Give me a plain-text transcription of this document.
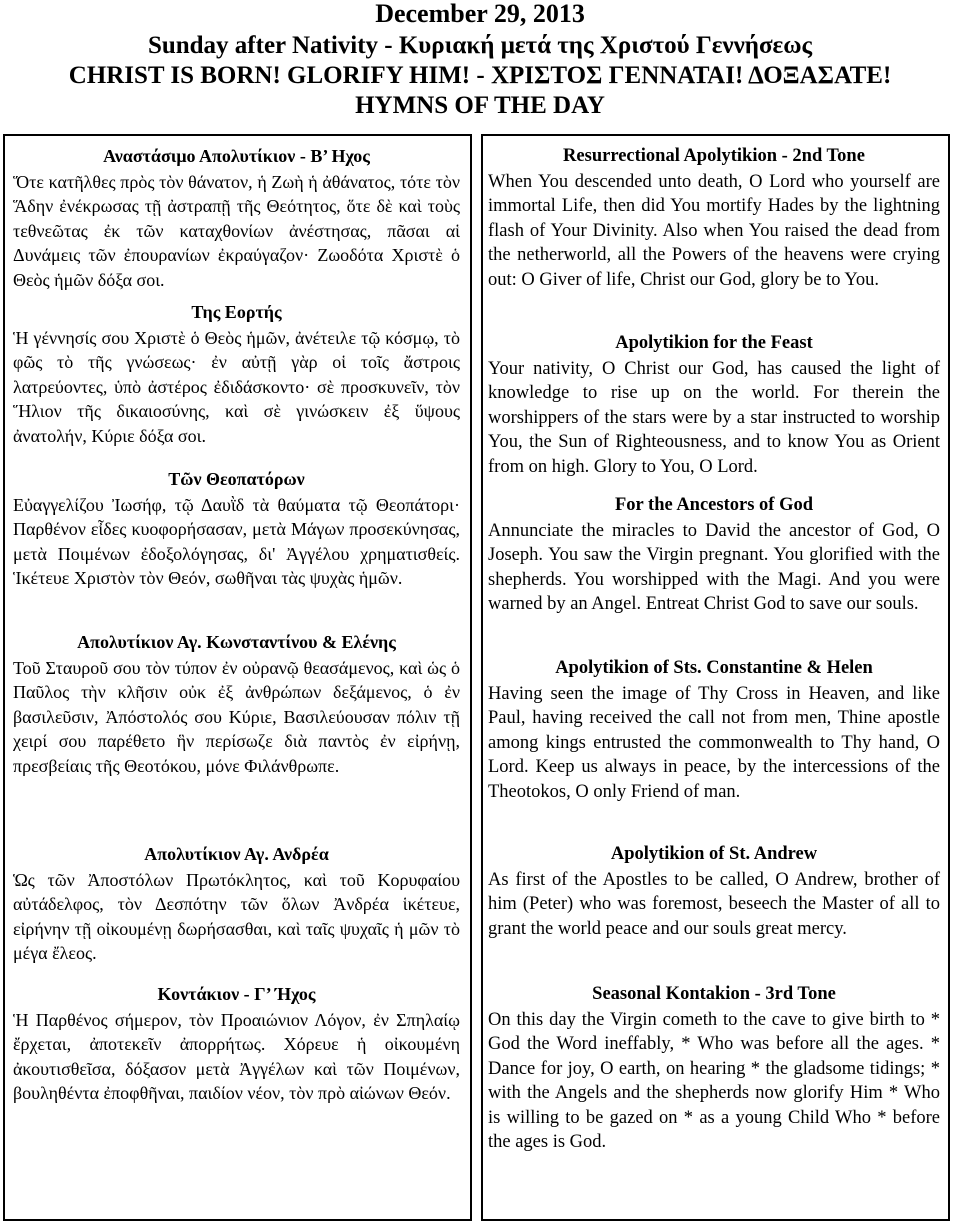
December 29, 2013
Sunday after Nativity - Κυριακή μετά της Χριστού Γεννήσεως
CHRIST IS BORN! GLORIFY HIM! - ΧΡΙΣΤΟΣ ΓΕΝΝΑΤΑΙ! ΔΟΞΑΣΑΤΕ!
HYMNS OF THE DAY

Αναστάσιμο Απολυτίκιον - Β’ Ηχος

Ὅτε κατῆλθες πρὸς τὸν θάνατον, ἡ Ζωὴ ἡ ἀθάνατος, τότε τὸν Ἅδην ἐνέκρωσας τῇ ἀστραπῇ τῆς Θεότητος, ὅτε δὲ καὶ τοὺς τεθνεῶτας ἐκ τῶν καταχθονίων ἀνέστησας, πᾶσαι αἱ Δυνάμεις τῶν ἐπουρανίων ἐκραύγαζον· Ζωοδότα Χριστὲ ὁ Θεὸς ἡμῶν δόξα σοι.

Της Εορτής

Ἡ γέννησίς σου Χριστὲ ὁ Θεὸς ἡμῶν, ἀνέτειλε τῷ κόσμῳ, τὸ φῶς τὸ τῆς γνώσεως· ἐν αὐτῇ γὰρ οἱ τοῖς ἄστροις λατρεύοντες, ὑπὸ ἀστέρος ἐδιδάσκοντο· σὲ προσκυνεῖν, τὸν Ἥλιον τῆς δικαιοσύνης, καὶ σὲ γινώσκειν ἐξ ὕψους ἀνατολήν, Κύριε δόξα σοι.

Τῶν Θεοπατόρων

Εὐαγγελίζου Ἰωσήφ, τῷ Δαυῒδ τὰ θαύματα τῷ Θεοπάτορι· Παρθένον εἶδες κυοφορήσασαν, μετὰ Μάγων προσεκύνησας, μετὰ Ποιμένων ἐδοξολόγησας, δι' Ἀγγέλου χρηματισθείς. Ἱκέτευε Χριστὸν τὸν Θεόν, σωθῆναι τὰς ψυχὰς ἡμῶν.

Απολυτίκιον Αγ. Κωνσταντίνου & Ελένης

Τοῦ Σταυροῦ σου τὸν τύπον ἐν οὐρανῷ θεασάμενος, καὶ ὡς ὁ Παῦλος τὴν κλῆσιν οὐκ ἐξ ἀνθρώπων δεξάμενος, ὁ ἐν βασιλεῦσιν, Ἀπόστολός σου Κύριε, Βασιλεύουσαν πόλιν τῇ χειρί σου παρέθετο ἣν περίσωζε διὰ παντὸς ἐν εἰρήνῃ, πρεσβείαις τῆς Θεοτόκου, μόνε Φιλάνθρωπε.

Απολυτίκιον Αγ. Ανδρέα

Ὡς τῶν Ἀποστόλων Πρωτόκλητος, καὶ τοῦ Κορυφαίου αὐτάδελφος, τὸν Δεσπότην τῶν ὅλων Ἀνδρέα ἱκέτευε, εἰρήνην τῇ οἰκουμένῃ δωρήσασθαι, καὶ ταῖς ψυχαῖς ἡ μῶν τὸ μέγα ἔλεος.

Κοντάκιον - Γ’ Ήχος

Ἡ Παρθένος σήμερον, τὸν Προαιώνιον Λόγον, ἐν Σπηλαίῳ ἔρχεται, ἀποτεκεῖν ἀπορρήτως. Χόρευε ἡ οἰκουμένη ἀκουτισθεῖσα, δόξασον μετὰ Ἀγγέλων καὶ τῶν Ποιμένων, βουληθέντα ἐποφθῆναι, παιδίον νέον, τὸν πρὸ αἰώνων Θεόν.

Resurrectional Apolytikion - 2nd Tone

When You descended unto death, O Lord who yourself are immortal Life, then did You mortify Hades by the lightning flash of Your Divinity. Also when You raised the dead from the netherworld, all the Powers of the heavens were crying out: O Giver of life, Christ our God, glory be to You.

Apolytikion for the Feast

Your nativity, O Christ our God, has caused the light of knowledge to rise up on the world. For therein the worshippers of the stars were by a star instructed to worship You, the Sun of Righteousness, and to know You as Orient from on high. Glory to You, O Lord.

For the Ancestors of God

Annunciate the miracles to David the ancestor of God, O Joseph. You saw the Virgin pregnant. You glorified with the shepherds. You worshipped with the Magi. And you were warned by an Angel. Entreat Christ God to save our souls.

Apolytikion of Sts. Constantine & Helen

Having seen the image of Thy Cross in Heaven, and like Paul, having received the call not from men, Thine apostle among kings entrusted the commonwealth to Thy hand, O Lord. Keep us always in peace, by the intercessions of the Theotokos, O only Friend of man.

Apolytikion of St. Andrew

As first of the Apostles to be called, O Andrew, brother of him (Peter) who was foremost, beseech the Master of all to grant the world peace and our souls great mercy.

Seasonal Kontakion - 3rd Tone

On this day the Virgin cometh to the cave to give birth to * God the Word ineffably, * Who was before all the ages. * Dance for joy, O earth, on hearing * the gladsome tidings; * with the Angels and the shepherds now glorify Him * Who is willing to be gazed on * as a young Child Who * before the ages is God.
